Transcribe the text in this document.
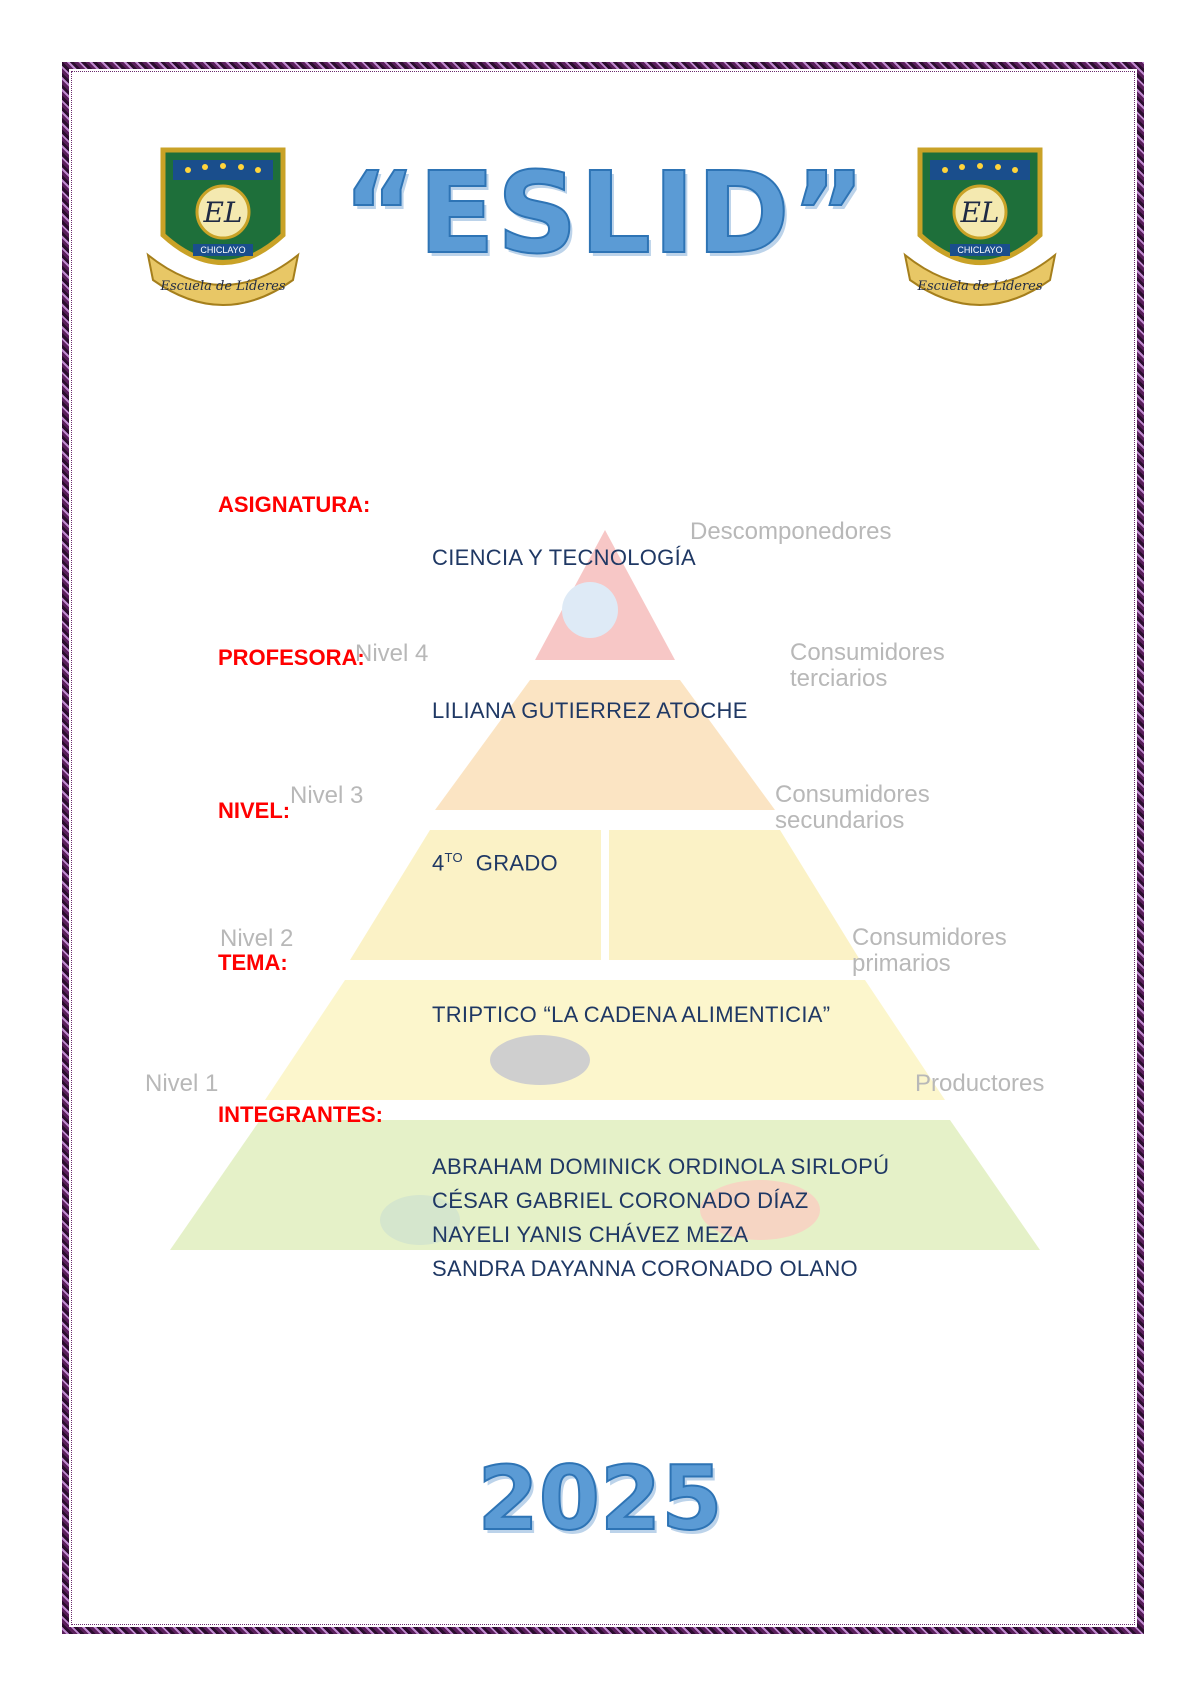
EL
CHICLAYO
Escuela de Líderes
“ESLID”	EL
CHICLAYO
Escuela de Líderes
Descomponedores
Nivel 4	Consumidores terciarios
Nivel 3	Consumidores secundarios
Nivel 2	Consumidores primarios
Nivel 1	Productores
ASIGNATURA:
CIENCIA Y TECNOLOGÍA
PROFESORA:
LILIANA GUTIERREZ ATOCHE
NIVEL:
$4^{TO}$ GRADO
TEMA:
TRIPTICO “LA CADENA ALIMENTICIA”
INTEGRANTES:
ABRAHAM DOMINICK ORDINOLA SIRLOPÚ
CÉSAR GABRIEL CORONADO DÍAZ
NAYELI YANIS CHÁVEZ MEZA
SANDRA DAYANNA CORONADO OLANO
2025
